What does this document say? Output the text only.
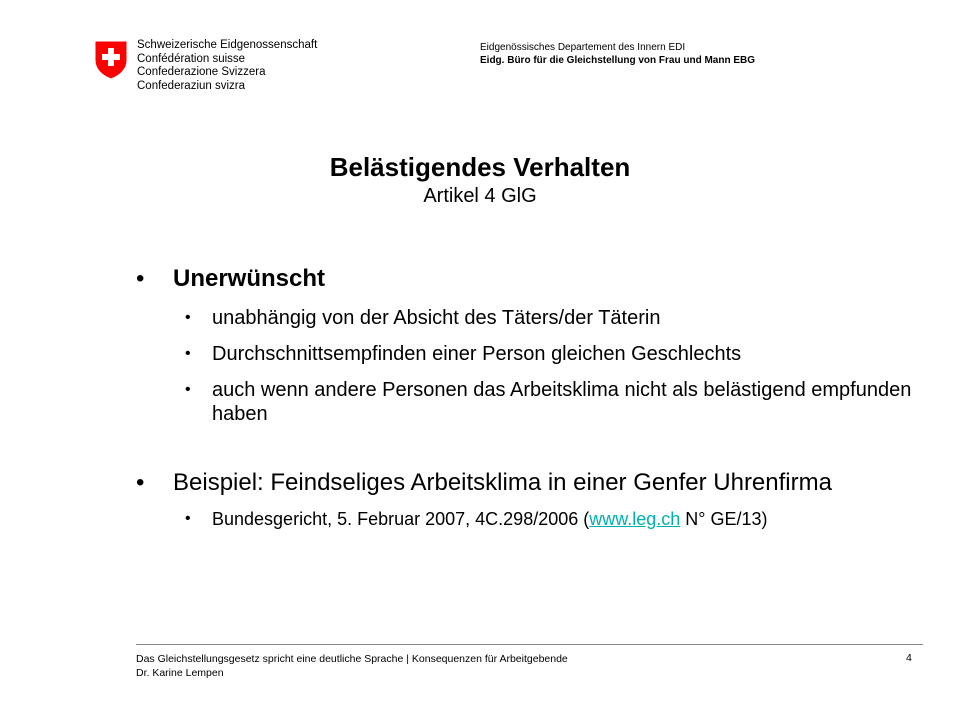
Schweizerische Eidgenossenschaft
Confédération suisse
Confederazione Svizzera
Confederaziun svizra
Eidgenössisches Departement des Innern EDI
Eidg. Büro für die Gleichstellung von Frau und Mann EBG
Belästigendes Verhalten
Artikel 4 GlG
• Unerwünscht
• unabhängig von der Absicht des Täters/der Täterin
• Durchschnittsempfinden einer Person gleichen Geschlechts
• auch wenn andere Personen das Arbeitsklima nicht als belästigend empfunden haben
• Beispiel: Feindseliges Arbeitsklima in einer Genfer Uhrenfirma
• Bundesgericht, 5. Februar 2007, 4C.298/2006 (www.leg.ch N° GE/13)
Das Gleichstellungsgesetz spricht eine deutliche Sprache | Konsequenzen für Arbeitgebende
Dr. Karine Lempen
4
